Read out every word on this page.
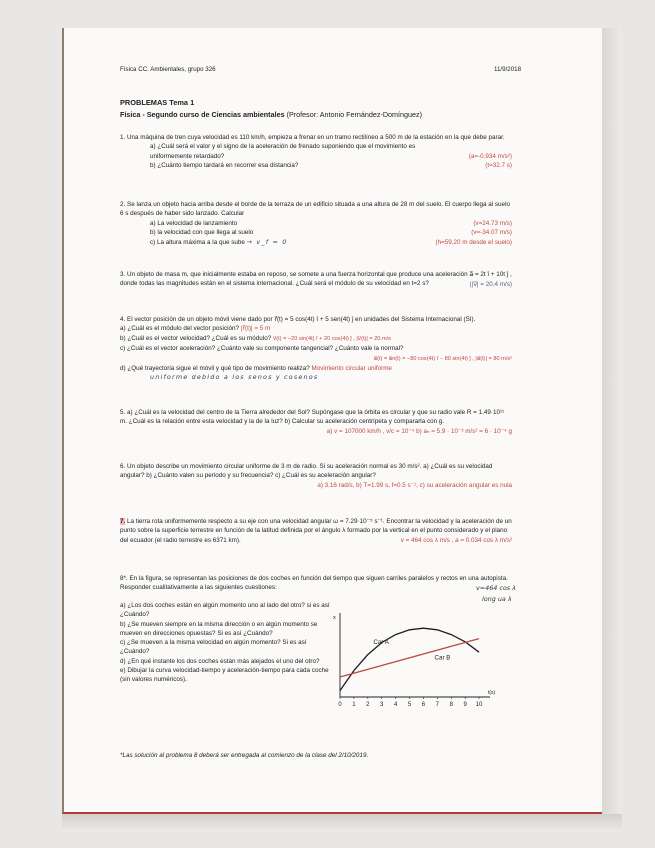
Física CC. Ambientales, grupo 326	11/9/2018
PROBLEMAS Tema 1
Física - Segundo curso de Ciencias ambientales (Profesor: Antonio Fernández-Domínguez)

1. Una máquina de tren cuya velocidad es 110 km/h, empieza a frenar en un tramo rectilíneo a 500 m de la estación en la que debe parar.

a) ¿Cuál será el valor y el signo de la aceleración de frenado suponiendo que el movimiento es uniformemente retardado?	(a=-0.934 m/s²)
b) ¿Cuánto tiempo tardará en recorrer esa distancia?	(t=32.7 s)

2. Se lanza un objeto hacia arriba desde el borde de la terraza de un edificio situada a una altura de 28 m del suelo. El cuerpo llega al suelo 6 s después de haber sido lanzado. Calcular

a) La velocidad de lanzamiento	(v=24.73 m/s)
b) la velocidad con que llega al suelo	(v=-34.07 m/s)
c) La altura máxima a la que sube → v_f = 0	(h=59.20 m desde el suelo)

3. Un objeto de masa m, que inicialmente estaba en reposo, se somete a una fuerza horizontal que produce una aceleración a⃗ = 2t î + 10t ĵ , donde todas las magnitudes están en el sistema internacional. ¿Cuál será el módulo de su velocidad en t=2 s?	(|v⃗| = 20.4 m/s)

4. El vector posición de un objeto móvil viene dado por r⃗(t) = 5 cos(4t) î + 5 sen(4t) ĵ en unidades del Sistema Internacional (SI).

a) ¿Cuál es el módulo del vector posición? |r⃗(t)| = 5 m

b) ¿Cuál es el vector velocidad? ¿Cuál es su módulo? v⃗(t) = −20 sin(4t) î + 20 cos(4t) ĵ , |v⃗(t)| = 20 m/s

c) ¿Cuál es el vector aceleración? ¿Cuánto vale su componente tangencial? ¿Cuánto vale la normal?

a⃗(t) = a⃗n(t) = −80 cos(4t) î − 80 sin(4t) ĵ , |a⃗(t)| = 80 m/s²

d) ¿Qué trayectoria sigue el móvil y qué tipo de movimiento realiza? Movimiento circular uniforme

uniforme debido a los senos y cosenos

5. a) ¿Cuál es la velocidad del centro de la Tierra alrededor del Sol? Supóngase que la órbita es circular y que su radio vale R = 1.49·10¹¹ m. ¿Cuál es la relación entre esta velocidad y la de la luz? b) Calcular su aceleración centrípeta y compararla con g.

a) v = 107000 km/h , v/c = 10⁻⁴ b) aₙ = 5.9 · 10⁻³ m/s² = 6 · 10⁻⁴ g

6. Un objeto describe un movimiento circular uniforme de 3 m de radio. Si su aceleración normal es 30 m/s². a) ¿Cuál es su velocidad angular? b) ¿Cuánto valen su periodo y su frecuencia? c) ¿Cuál es su aceleración angular?

a) 3.16 rad/s, b) T=1.99 s, f=0.5 s⁻¹, c) su aceleración angular es nula

7. La tierra rota uniformemente respecto a su eje con una velocidad angular ω = 7.29·10⁻⁵ s⁻¹. Encontrar la velocidad y la aceleración de un punto sobre la superficie terrestre en función de la latitud definida por el ángulo λ formado por la vertical en el punto considerado y el plano del ecuador (el radio terrestre es 6371 km).	v = 464 cos λ m/s , a = 0.034 cos λ m/s²
8*. En la figura, se representan las posiciones de dos coches en función del tiempo que siguen carriles paralelos y rectos en una autopista. Responder cualitativamente a las siguientes cuestiones:

a) ¿Los dos coches están en algún momento uno al lado del otro? si es así ¿Cuándo?

b) ¿Se mueven siempre en la misma dirección o en algún momento se mueven en direcciones opuestas? Si es así ¿Cuándo?

c) ¿Se mueven a la misma velocidad en algún momento? Si es así ¿Cuándo?

d) ¿En qué instante los dos coches están más alejados el uno del otro?

e) Dibujar la curva velocidad-tiempo y aceleración-tiempo para cada coche (sin valores numéricos).

v=464 cos λ
long ua λ
0 1 2 3 4 5 6 7 8 9 10
Car A
Car B
t(s)
x
*Las solución al problema 8 deberá ser entregada al comienzo de la clase del 2/10/2019.
